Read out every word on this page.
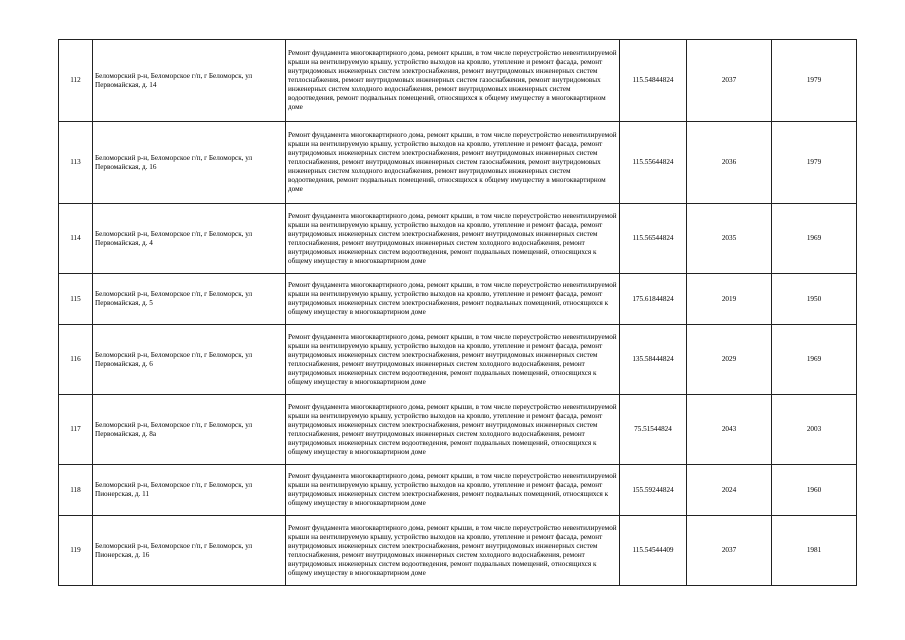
112	Беломорский р-н, Беломорское г/п, г Беломорск, ул Первомайская, д. 14	Ремонт фундамента многоквартирного дома, ремонт крыши, в том числе переустройство невентилируемой крыши на вентилируемую крышу, устройство выходов на кровлю, утепление и ремонт фасада, ремонт внутридомовых инженерных систем электроснабжения, ремонт внутридомовых инженерных систем теплоснабжения, ремонт внутридомовых инженерных систем газоснабжения, ремонт внутридомовых инженерных систем холодного водоснабжения, ремонт внутридомовых инженерных систем водоотведения, ремонт подвальных помещений, относящихся к общему имуществу в многоквартирном доме	115.54844824	2037	1979
113	Беломорский р-н, Беломорское г/п, г Беломорск, ул Первомайская, д. 16	Ремонт фундамента многоквартирного дома, ремонт крыши, в том числе переустройство невентилируемой крыши на вентилируемую крышу, устройство выходов на кровлю, утепление и ремонт фасада, ремонт внутридомовых инженерных систем электроснабжения, ремонт внутридомовых инженерных систем теплоснабжения, ремонт внутридомовых инженерных систем газоснабжения, ремонт внутридомовых инженерных систем холодного водоснабжения, ремонт внутридомовых инженерных систем водоотведения, ремонт подвальных помещений, относящихся к общему имуществу в многоквартирном доме	115.55644824	2036	1979
114	Беломорский р-н, Беломорское г/п, г Беломорск, ул Первомайская, д. 4	Ремонт фундамента многоквартирного дома, ремонт крыши, в том числе переустройство невентилируемой крыши на вентилируемую крышу, устройство выходов на кровлю, утепление и ремонт фасада, ремонт внутридомовых инженерных систем электроснабжения, ремонт внутридомовых инженерных систем теплоснабжения, ремонт внутридомовых инженерных систем холодного водоснабжения, ремонт внутридомовых инженерных систем водоотведения, ремонт подвальных помещений, относящихся к общему имуществу в многоквартирном доме	115.56544824	2035	1969
115	Беломорский р-н, Беломорское г/п, г Беломорск, ул Первомайская, д. 5	Ремонт фундамента многоквартирного дома, ремонт крыши, в том числе переустройство невентилируемой крыши на вентилируемую крышу, устройство выходов на кровлю, утепление и ремонт фасада, ремонт внутридомовых инженерных систем электроснабжения, ремонт подвальных помещений, относящихся к общему имуществу в многоквартирном доме	175.61844824	2019	1950
116	Беломорский р-н, Беломорское г/п, г Беломорск, ул Первомайская, д. 6	Ремонт фундамента многоквартирного дома, ремонт крыши, в том числе переустройство невентилируемой крыши на вентилируемую крышу, устройство выходов на кровлю, утепление и ремонт фасада, ремонт внутридомовых инженерных систем электроснабжения, ремонт внутридомовых инженерных систем теплоснабжения, ремонт внутридомовых инженерных систем холодного водоснабжения, ремонт внутридомовых инженерных систем водоотведения, ремонт подвальных помещений, относящихся к общему имуществу в многоквартирном доме	135.58444824	2029	1969
117	Беломорский р-н, Беломорское г/п, г Беломорск, ул Первомайская, д. 8а	Ремонт фундамента многоквартирного дома, ремонт крыши, в том числе переустройство невентилируемой крыши на вентилируемую крышу, устройство выходов на кровлю, утепление и ремонт фасада, ремонт внутридомовых инженерных систем электроснабжения, ремонт внутридомовых инженерных систем теплоснабжения, ремонт внутридомовых инженерных систем холодного водоснабжения, ремонт внутридомовых инженерных систем водоотведения, ремонт подвальных помещений, относящихся к общему имуществу в многоквартирном доме	75.51544824	2043	2003
118	Беломорский р-н, Беломорское г/п, г Беломорск, ул Пионерская, д. 11	Ремонт фундамента многоквартирного дома, ремонт крыши, в том числе переустройство невентилируемой крыши на вентилируемую крышу, устройство выходов на кровлю, утепление и ремонт фасада, ремонт внутридомовых инженерных систем электроснабжения, ремонт подвальных помещений, относящихся к общему имуществу в многоквартирном доме	155.59244824	2024	1960
119	Беломорский р-н, Беломорское г/п, г Беломорск, ул Пионерская, д. 16	Ремонт фундамента многоквартирного дома, ремонт крыши, в том числе переустройство невентилируемой крыши на вентилируемую крышу, устройство выходов на кровлю, утепление и ремонт фасада, ремонт внутридомовых инженерных систем электроснабжения, ремонт внутридомовых инженерных систем теплоснабжения, ремонт внутридомовых инженерных систем холодного водоснабжения, ремонт внутридомовых инженерных систем водоотведения, ремонт подвальных помещений, относящихся к общему имуществу в многоквартирном доме	115.54544409	2037	1981
